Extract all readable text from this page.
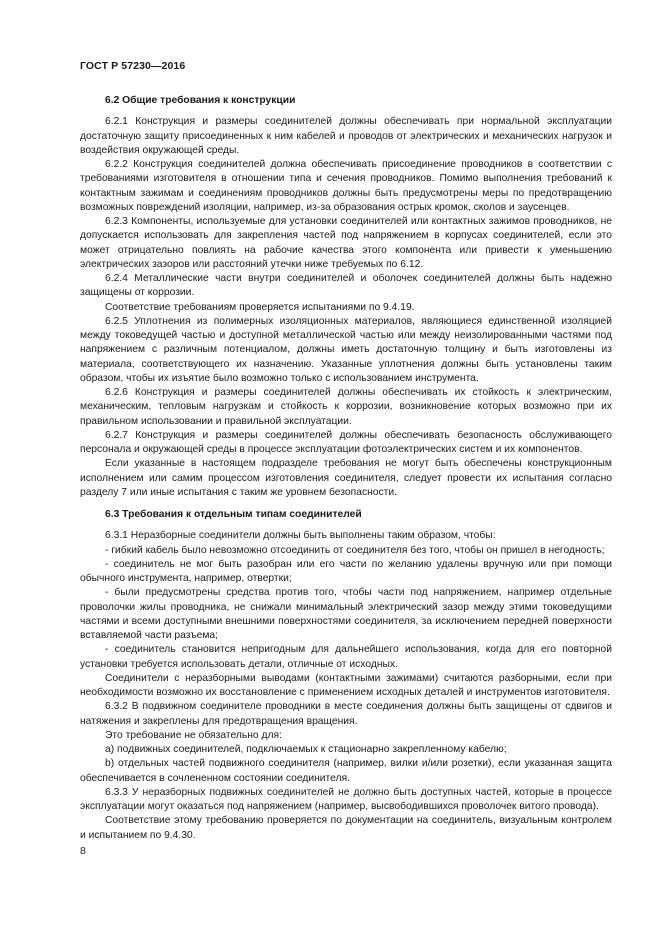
ГОСТ Р 57230—2016
6.2 Общие требования к конструкции

6.2.1 Конструкция и размеры соединителей должны обеспечивать при нормальной эксплуатации достаточную защиту присоединенных к ним кабелей и проводов от электрических и механических нагрузок и воздействия окружающей среды.

6.2.2 Конструкция соединителей должна обеспечивать присоединение проводников в соответствии с требованиями изготовителя в отношении типа и сечения проводников. Помимо выполнения требований к контактным зажимам и соединениям проводников должны быть предусмотрены меры по предотвращению возможных повреждений изоляции, например, из-за образования острых кромок, сколов и заусенцев.

6.2.3 Компоненты, используемые для установки соединителей или контактных зажимов проводников, не допускается использовать для закрепления частей под напряжением в корпусах соединителей, если это может отрицательно повлиять на рабочие качества этого компонента или привести к уменьшению электрических зазоров или расстояний утечки ниже требуемых по 6.12.

6.2.4 Металлические части внутри соединителей и оболочек соединителей должны быть надежно защищены от коррозии.

Соответствие требованиям проверяется испытаниями по 9.4.19.

6.2.5 Уплотнения из полимерных изоляционных материалов, являющиеся единственной изоляцией между токоведущей частью и доступной металлической частью или между неизолированными частями под напряжением с различным потенциалом, должны иметь достаточную толщину и быть изготовлены из материала, соответствующего их назначению. Указанные уплотнения должны быть установлены таким образом, чтобы их изъятие было возможно только с использованием инструмента.

6.2.6 Конструкция и размеры соединителей должны обеспечивать их стойкость к электрическим, механическим, тепловым нагрузкам и стойкость к коррозии, возникновение которых возможно при их правильном использовании и правильной эксплуатации.

6.2.7 Конструкция и размеры соединителей должны обеспечивать безопасность обслуживающего персонала и окружающей среды в процессе эксплуатации фотоэлектрических систем и их компонентов.

Если указанные в настоящем подразделе требования не могут быть обеспечены конструкционным исполнением или самим процессом изготовления соединителя, следует провести их испытания согласно разделу 7 или иные испытания с таким же уровнем безопасности.

6.3 Требования к отдельным типам соединителей

6.3.1 Неразборные соединители должны быть выполнены таким образом, чтобы:

- гибкий кабель было невозможно отсоединить от соединителя без того, чтобы он пришел в негодность;

- соединитель не мог быть разобран или его части по желанию удалены вручную или при помощи обычного инструмента, например, отвертки;

- были предусмотрены средства против того, чтобы части под напряжением, например отдельные проволочки жилы проводника, не снижали минимальный электрический зазор между этими токоведущими частями и всеми доступными внешними поверхностями соединителя, за исключением передней поверхности вставляемой части разъема;

- соединитель становится непригодным для дальнейшего использования, когда для его повторной установки требуется использовать детали, отличные от исходных.

Соединители с неразборными выводами (контактными зажимами) считаются разборными, если при необходимости возможно их восстановление с применением исходных деталей и инструментов изготовителя.

6.3.2 В подвижном соединителе проводники в месте соединения должны быть защищены от сдвигов и натяжения и закреплены для предотвращения вращения.

Это требование не обязательно для:

a) подвижных соединителей, подключаемых к стационарно закрепленному кабелю;

b) отдельных частей подвижного соединителя (например, вилки и/или розетки), если указанная защита обеспечивается в сочлененном состоянии соединителя.

6.3.3 У неразборных подвижных соединителей не должно быть доступных частей, которые в процессе эксплуатации могут оказаться под напряжением (например, высвободившихся проволочек витого провода).

Соответствие этому требованию проверяется по документации на соединитель, визуальным контролем и испытанием по 9.4.30.

8
